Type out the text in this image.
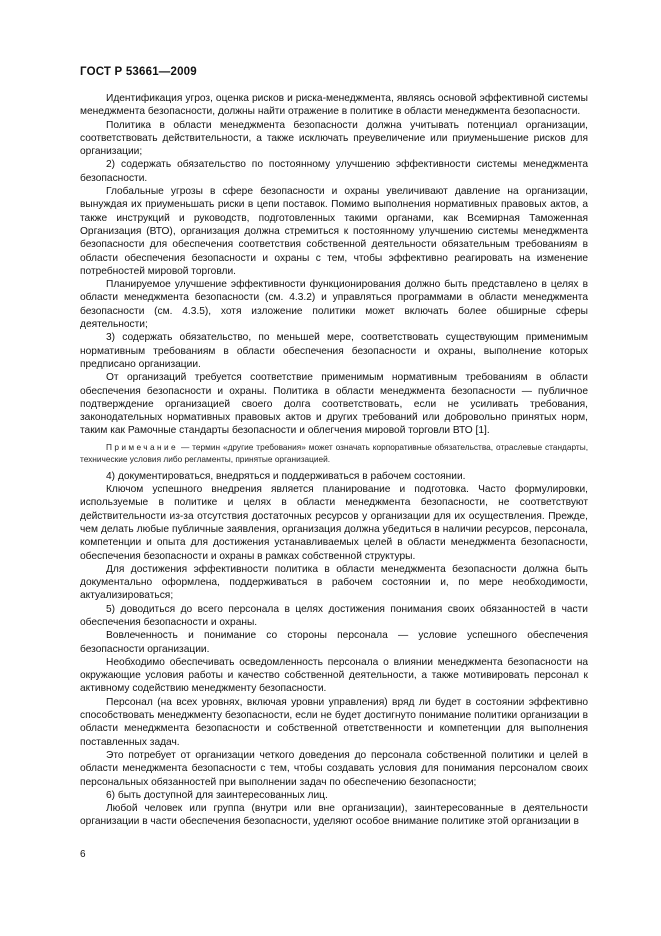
ГОСТ Р 53661—2009

Идентификация угроз, оценка рисков и риска-менеджмента, являясь основой эффективной системы менеджмента безопасности, должны найти отражение в политике в области менеджмента безопасности.

Политика в области менеджмента безопасности должна учитывать потенциал организации, соответствовать действительности, а также исключать преувеличение или приуменьшение рисков для организации;

2) содержать обязательство по постоянному улучшению эффективности системы менеджмента безопасности.

Глобальные угрозы в сфере безопасности и охраны увеличивают давление на организации, вынуждая их приуменьшать риски в цепи поставок. Помимо выполнения нормативных правовых актов, а также инструкций и руководств, подготовленных такими органами, как Всемирная Таможенная Организация (ВТО), организация должна стремиться к постоянному улучшению системы менеджмента безопасности для обеспечения соответствия собственной деятельности обязательным требованиям в области обеспечения безопасности и охраны с тем, чтобы эффективно реагировать на изменение потребностей мировой торговли.

Планируемое улучшение эффективности функционирования должно быть представлено в целях в области менеджмента безопасности (см. 4.3.2) и управляться программами в области менеджмента безопасности (см. 4.3.5), хотя изложение политики может включать более обширные сферы деятельности;

3) содержать обязательство, по меньшей мере, соответствовать существующим применимым нормативным требованиям в области обеспечения безопасности и охраны, выполнение которых предписано организации.

От организаций требуется соответствие применимым нормативным требованиям в области обеспечения безопасности и охраны. Политика в области менеджмента безопасности — публичное подтверждение организацией своего долга соответствовать, если не усиливать требования, законодательных нормативных правовых актов и других требований или добровольно принятых норм, таким как Рамочные стандарты безопасности и облегчения мировой торговли ВТО [1].

Примечание — термин «другие требования» может означать корпоративные обязательства, отраслевые стандарты, технические условия либо регламенты, принятые организацией.

4) документироваться, внедряться и поддерживаться в рабочем состоянии.

Ключом успешного внедрения является планирование и подготовка. Часто формулировки, используемые в политике и целях в области менеджмента безопасности, не соответствуют действительности из-за отсутствия достаточных ресурсов у организации для их осуществления. Прежде, чем делать любые публичные заявления, организация должна убедиться в наличии ресурсов, персонала, компетенции и опыта для достижения устанавливаемых целей в области менеджмента безопасности, обеспечения безопасности и охраны в рамках собственной структуры.

Для достижения эффективности политика в области менеджмента безопасности должна быть документально оформлена, поддерживаться в рабочем состоянии и, по мере необходимости, актуализироваться;

5) доводиться до всего персонала в целях достижения понимания своих обязанностей в части обеспечения безопасности и охраны.

Вовлеченность и понимание со стороны персонала — условие успешного обеспечения безопасности организации.

Необходимо обеспечивать осведомленность персонала о влиянии менеджмента безопасности на окружающие условия работы и качество собственной деятельности, а также мотивировать персонал к активному содействию менеджменту безопасности.

Персонал (на всех уровнях, включая уровни управления) вряд ли будет в состоянии эффективно способствовать менеджменту безопасности, если не будет достигнуто понимание политики организации в области менеджмента безопасности и собственной ответственности и компетенции для выполнения поставленных задач.

Это потребует от организации четкого доведения до персонала собственной политики и целей в области менеджмента безопасности с тем, чтобы создавать условия для понимания персоналом своих персональных обязанностей при выполнении задач по обеспечению безопасности;

6) быть доступной для заинтересованных лиц.

Любой человек или группа (внутри или вне организации), заинтересованные в деятельности организации в части обеспечения безопасности, уделяют особое внимание политике этой организации в

6
